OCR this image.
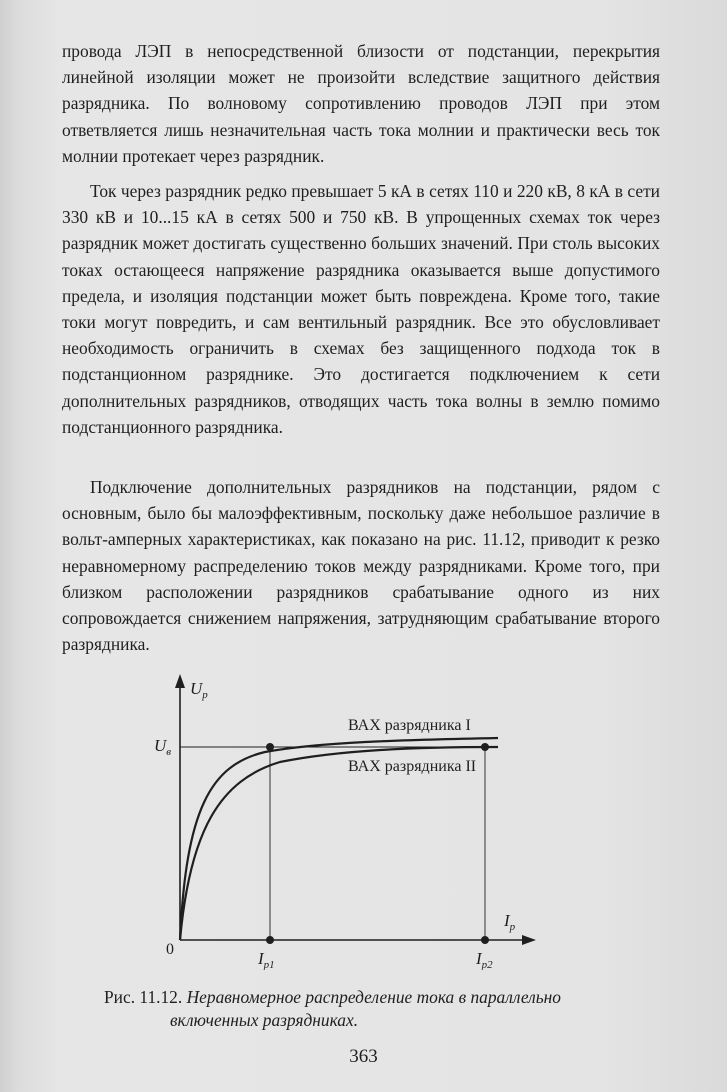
провода ЛЭП в непосредственной близости от подстанции, перекрытия линейной изоляции может не произойти вследствие защитного действия разрядника. По волновому сопротивлению проводов ЛЭП при этом ответвляется лишь незначительная часть тока молнии и практически весь ток молнии протекает через разрядник.

Ток через разрядник редко превышает 5 кА в сетях 110 и 220 кВ, 8 кА в сети 330 кВ и 10...15 кА в сетях 500 и 750 кВ. В упрощенных схемах ток через разрядник может достигать существенно больших значений. При столь высоких токах остающееся напряжение разрядника оказывается выше допустимого предела, и изоляция подстанции может быть повреждена. Кроме того, такие токи могут повредить, и сам вентильный разрядник. Все это обусловливает необходимость ограничить в схемах без защищенного подхода ток в подстанционном разряднике. Это достигается подключением к сети дополнительных разрядников, отводящих часть тока волны в землю помимо подстанционного разрядника.

Подключение дополнительных разрядников на подстанции, рядом с основным, было бы малоэффективным, поскольку даже небольшое различие в вольт-амперных характеристиках, как показано на рис. 11.12, приводит к резко неравномерному распределению токов между разрядниками. Кроме того, при близком расположении разрядников срабатывание одного из них сопровождается снижением напряжения, затрудняющим срабатывание второго разрядника.

$U_p$
$I_p$
$U_в$
0	$I_{p1}$	$I_{p2}$
ВАХ разрядника I
ВАХ разрядника II
Рис. 11.12. Неравномерное распределение тока в параллельно
включенных разрядниках.
363
